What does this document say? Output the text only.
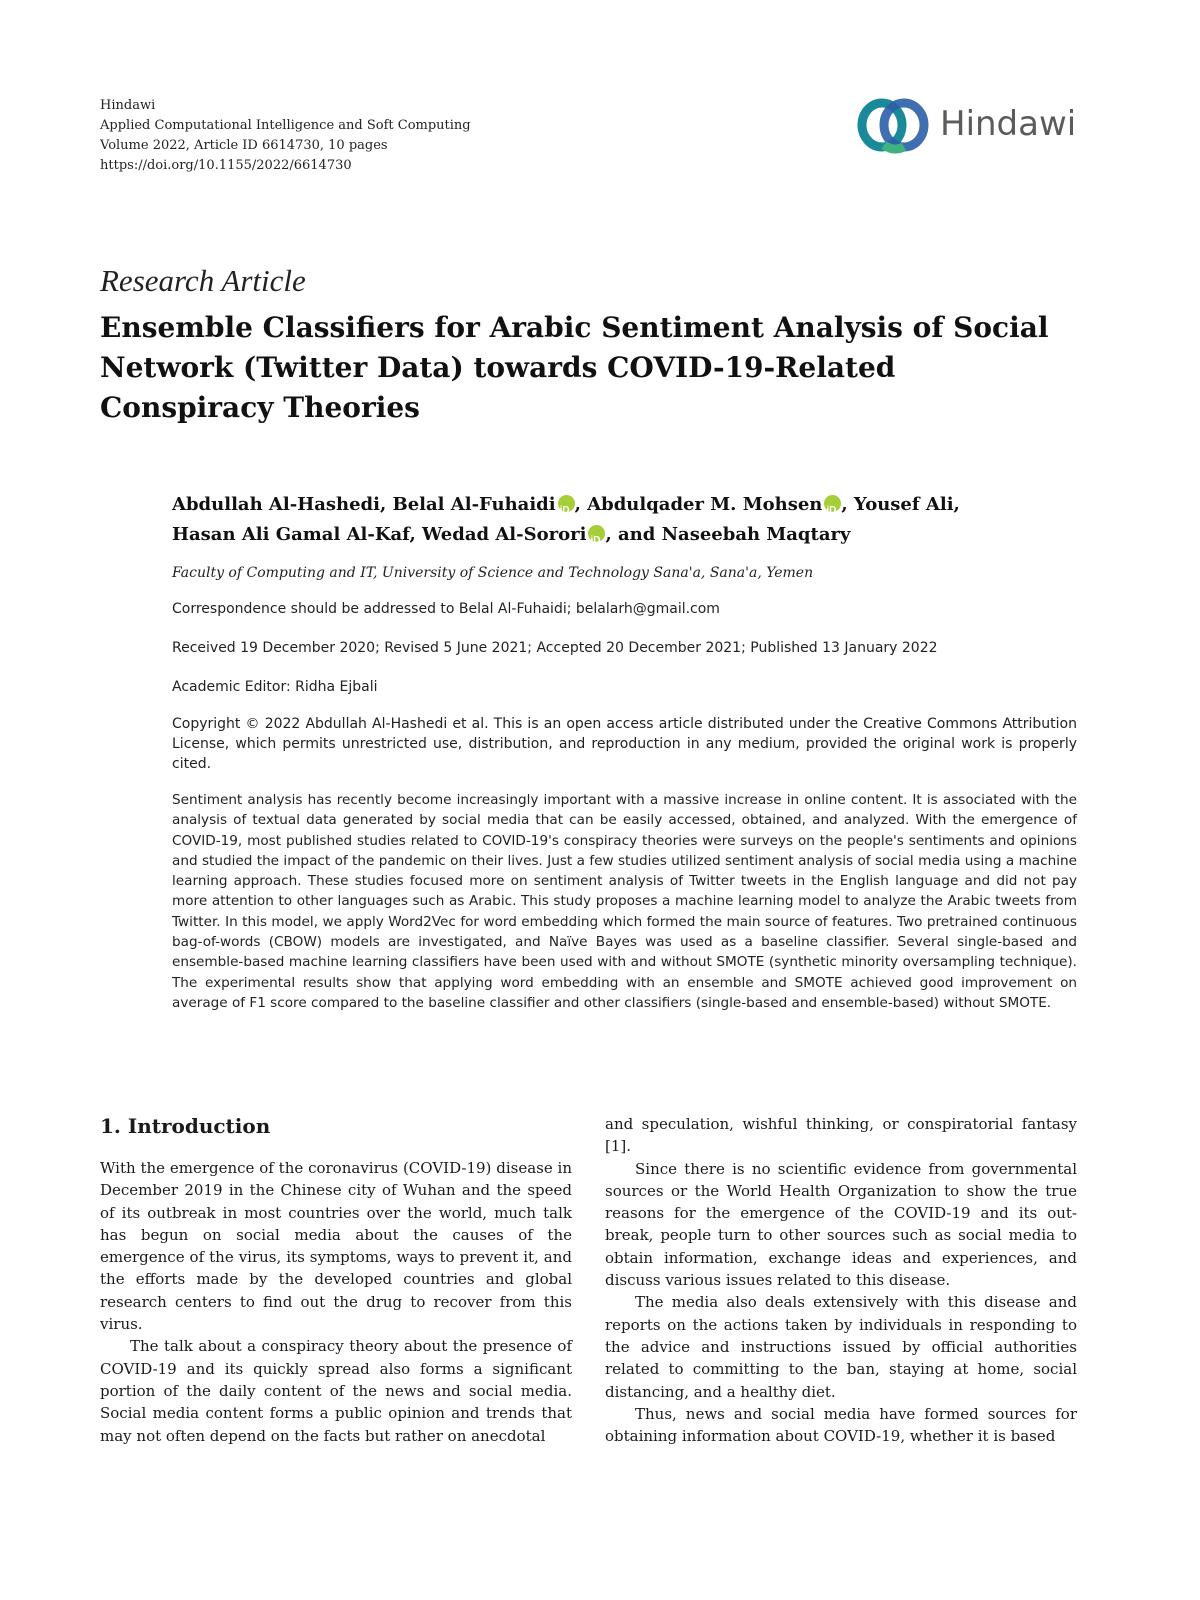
Hindawi
Applied Computational Intelligence and Soft Computing
Volume 2022, Article ID 6614730, 10 pages
https://doi.org/10.1155/2022/6614730
Hindawi
Research Article
Ensemble Classifiers for Arabic Sentiment Analysis of Social Network (Twitter Data) towards COVID-19-Related Conspiracy Theories
Abdullah Al-Hashedi, Belal Al-Fuhaidi iD , Abdulqader M. Mohsen iD , Yousef Ali,
Hasan Ali Gamal Al-Kaf, Wedad Al-Sorori iD , and Naseebah Maqtary
Faculty of Computing and IT, University of Science and Technology Sana'a, Sana'a, Yemen
Correspondence should be addressed to Belal Al-Fuhaidi; belalarh@gmail.com
Received 19 December 2020; Revised 5 June 2021; Accepted 20 December 2021; Published 13 January 2022
Academic Editor: Ridha Ejbali
Copyright © 2022 Abdullah Al-Hashedi et al. This is an open access article distributed under the Creative Commons Attribution License, which permits unrestricted use, distribution, and reproduction in any medium, provided the original work is properly cited.
Sentiment analysis has recently become increasingly important with a massive increase in online content. It is associated with the analysis of textual data generated by social media that can be easily accessed, obtained, and analyzed. With the emergence of COVID-19, most published studies related to COVID-19's conspiracy theories were surveys on the people's sentiments and opinions and studied the impact of the pandemic on their lives. Just a few studies utilized sentiment analysis of social media using a machine learning approach. These studies focused more on sentiment analysis of Twitter tweets in the English language and did not pay more attention to other languages such as Arabic. This study proposes a machine learning model to analyze the Arabic tweets from Twitter. In this model, we apply Word2Vec for word embedding which formed the main source of features. Two pretrained continuous bag-of-words (CBOW) models are investigated, and Naïve Bayes was used as a baseline classifier. Several single-based and ensemble-based machine learning classifiers have been used with and without SMOTE (synthetic minority oversampling technique). The experimental results show that applying word embedding with an ensemble and SMOTE achieved good improvement on average of F1 score compared to the baseline classifier and other classifiers (single-based and ensemble-based) without SMOTE.
1. Introduction

With the emergence of the coronavirus (COVID-19) disease in December 2019 in the Chinese city of Wuhan and the speed of its outbreak in most countries over the world, much talk has begun on social media about the causes of the emergence of the virus, its symptoms, ways to prevent it, and the efforts made by the developed countries and global research centers to find out the drug to recover from this virus.

The talk about a conspiracy theory about the presence of COVID-19 and its quickly spread also forms a significant portion of the daily content of the news and social media. Social media content forms a public opinion and trends that may not often depend on the facts but rather on anecdotal

and speculation, wishful thinking, or conspiratorial fantasy [1].

Since there is no scientific evidence from governmental sources or the World Health Organization to show the true reasons for the emergence of the COVID-19 and its out-break, people turn to other sources such as social media to obtain information, exchange ideas and experiences, and discuss various issues related to this disease.

The media also deals extensively with this disease and reports on the actions taken by individuals in responding to the advice and instructions issued by official authorities related to committing to the ban, staying at home, social distancing, and a healthy diet.

Thus, news and social media have formed sources for obtaining information about COVID-19, whether it is based
